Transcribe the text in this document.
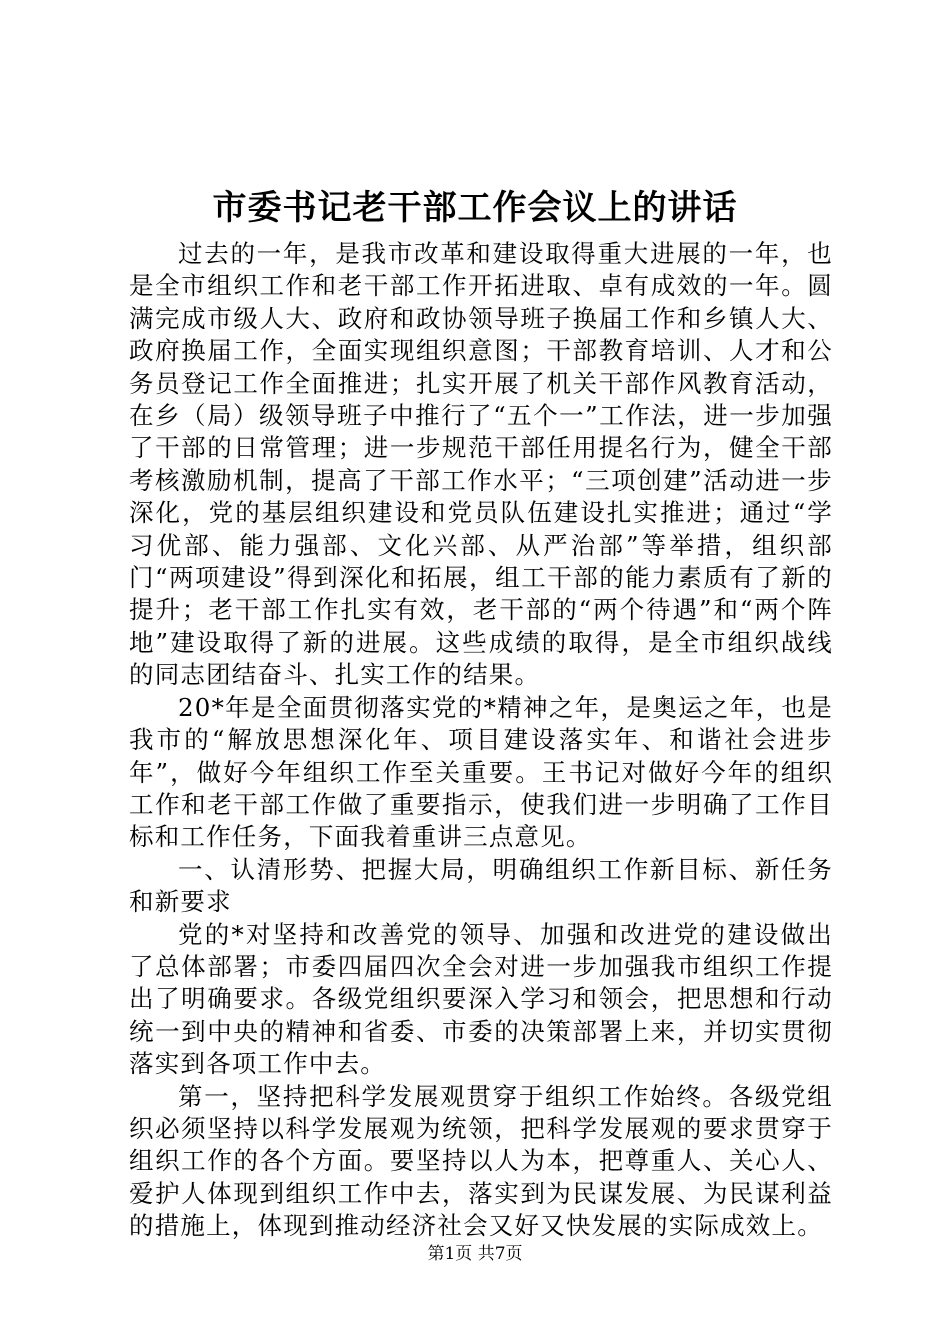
市委书记老干部工作会议上的讲话

过去的一年，是我市改革和建设取得重大进展的一年，也是全市组织工作和老干部工作开拓进取、卓有成效的一年。圆满完成市级人大、政府和政协领导班子换届工作和乡镇人大、政府换届工作，全面实现组织意图；干部教育培训、人才和公务员登记工作全面推进；扎实开展了机关干部作风教育活动，在乡（局）级领导班子中推行了“五个一”工作法，进一步加强了干部的日常管理；进一步规范干部任用提名行为，健全干部考核激励机制，提高了干部工作水平；“三项创建”活动进一步深化，党的基层组织建设和党员队伍建设扎实推进；通过“学习优部、能力强部、文化兴部、从严治部”等举措，组织部门“两项建设”得到深化和拓展，组工干部的能力素质有了新的提升；老干部工作扎实有效，老干部的“两个待遇”和“两个阵地”建设取得了新的进展。这些成绩的取得，是全市组织战线的同志团结奋斗、扎实工作的结果。

20*年是全面贯彻落实党的*精神之年，是奥运之年，也是我市的“解放思想深化年、项目建设落实年、和谐社会进步年”，做好今年组织工作至关重要。王书记对做好今年的组织工作和老干部工作做了重要指示，使我们进一步明确了工作目标和工作任务，下面我着重讲三点意见。

一、认清形势、把握大局，明确组织工作新目标、新任务和新要求

党的*对坚持和改善党的领导、加强和改进党的建设做出了总体部署；市委四届四次全会对进一步加强我市组织工作提出了明确要求。各级党组织要深入学习和领会，把思想和行动统一到中央的精神和省委、市委的决策部署上来，并切实贯彻落实到各项工作中去。

第一，坚持把科学发展观贯穿于组织工作始终。各级党组织必须坚持以科学发展观为统领，把科学发展观的要求贯穿于组织工作的各个方面。要坚持以人为本，把尊重人、关心人、爱护人体现到组织工作中去，落实到为民谋发展、为民谋利益的措施上，体现到推动经济社会又好又快发展的实际成效上。

第1页 共7页
